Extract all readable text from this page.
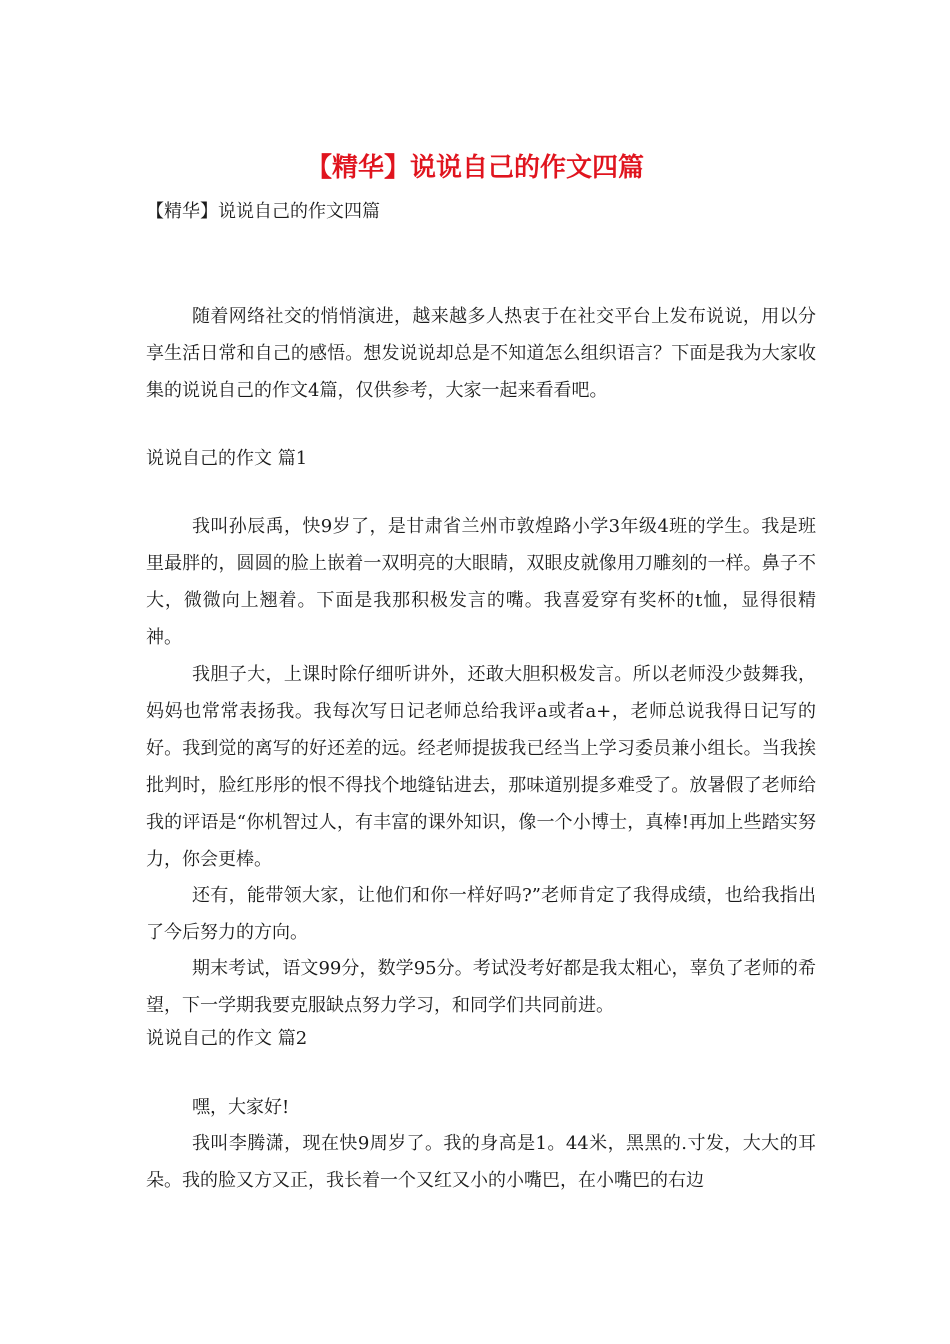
【精华】说说自己的作文四篇

【精华】说说自己的作文四篇

随着网络社交的悄悄演进，越来越多人热衷于在社交平台上发布说说，用以分享生活日常和自己的感悟。想发说说却总是不知道怎么组织语言？下面是我为大家收集的说说自己的作文4篇，仅供参考，大家一起来看看吧。

说说自己的作文 篇1

我叫孙辰禹，快9岁了，是甘肃省兰州市敦煌路小学3年级4班的学生。我是班里最胖的，圆圆的脸上嵌着一双明亮的大眼睛，双眼皮就像用刀雕刻的一样。鼻子不大，微微向上翘着。下面是我那积极发言的嘴。我喜爱穿有奖杯的t恤，显得很精神。

我胆子大，上课时除仔细听讲外，还敢大胆积极发言。所以老师没少鼓舞我，妈妈也常常表扬我。我每次写日记老师总给我评a或者a+，老师总说我得日记写的好。我到觉的离写的好还差的远。经老师提拔我已经当上学习委员兼小组长。当我挨批判时，脸红彤彤的恨不得找个地缝钻进去，那味道别提多难受了。放暑假了老师给我的评语是“你机智过人，有丰富的课外知识，像一个小博士，真棒!再加上些踏实努力，你会更棒。

还有，能带领大家，让他们和你一样好吗?”老师肯定了我得成绩，也给我指出了今后努力的方向。

期末考试，语文99分，数学95分。考试没考好都是我太粗心，辜负了老师的希望，下一学期我要克服缺点努力学习，和同学们共同前进。

说说自己的作文 篇2

嘿，大家好!

我叫李腾潇，现在快9周岁了。我的身高是1。44米，黑黑的.寸发，大大的耳朵。我的脸又方又正，我长着一个又红又小的小嘴巴，在小嘴巴的右边
